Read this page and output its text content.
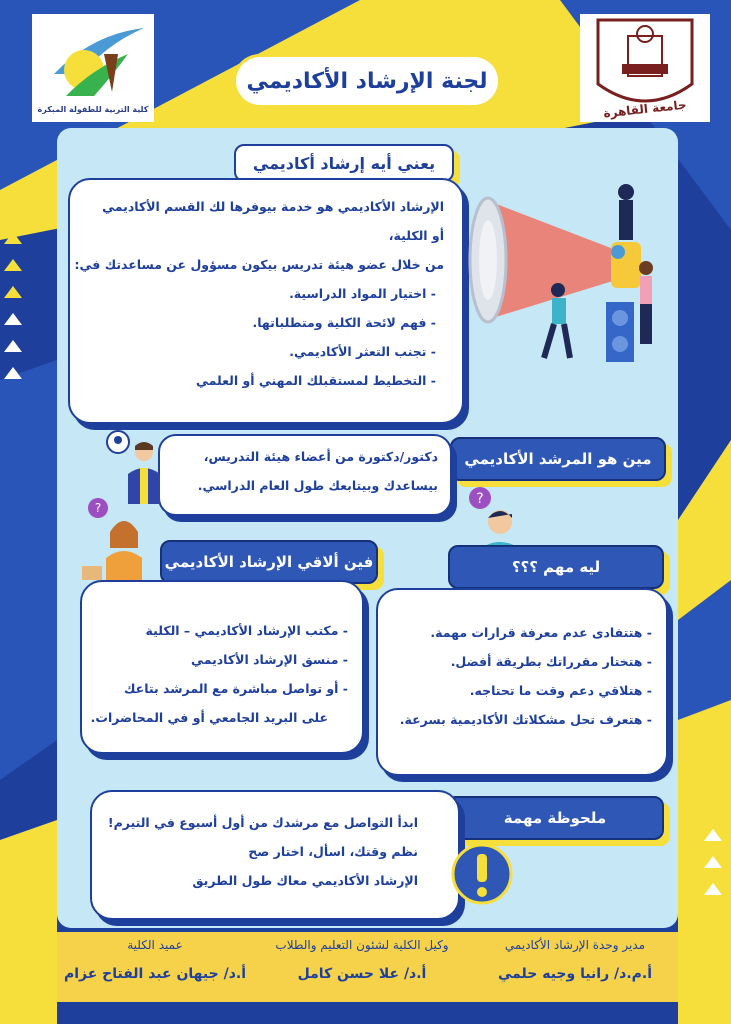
كلية التربية للطفولة المبكرة	جامعة القاهرة
لجنة الإرشاد الأكاديمي
يعني أيه إرشاد أكاديمي
الإرشاد الأكاديمي هو خدمة بيوفرها لك القسم الأكاديمي
أو الكلية،
من خلال عضو هيئة تدريس بيكون مسؤول عن مساعدتك في:
- اختيار المواد الدراسية.
- فهم لائحة الكلية ومتطلباتها.
- تجنب التعثر الأكاديمي.
- التخطيط لمستقبلك المهني أو العلمي
مين هو المرشد الأكاديمي
دكتور/دكتورة من أعضاء هيئة التدريس،
بيساعدك وبيتابعك طول العام الدراسي.
فين ألاقي الإرشاد الأكاديمي
?
- مكتب الإرشاد الأكاديمي – الكلية
- منسق الإرشاد الأكاديمي
- أو تواصل مباشرة مع المرشد بتاعك
على البريد الجامعي أو في المحاضرات.
?
ليه مهم ؟؟؟
- هتتفادى عدم معرفة قرارات مهمة.
- هتختار مقرراتك بطريقة أفضل.
- هتلاقي دعم وقت ما تحتاجه.
- هتعرف تحل مشكلاتك الأكاديمية بسرعة.
ملحوظة مهمة
ابدأ التواصل مع مرشدك من أول أسبوع في التيرم!
نظم وقتك، اسأل، اختار صح
الإرشاد الأكاديمي معاك طول الطريق
مدير وحدة الإرشاد الأكاديمي
أ.م.د/ رانيا وجيه حلمي
وكيل الكلية لشئون التعليم والطلاب
أ.د/ علا حسن كامل
عميد الكلية
أ.د/ جيهان عبد الفتاح عزام
